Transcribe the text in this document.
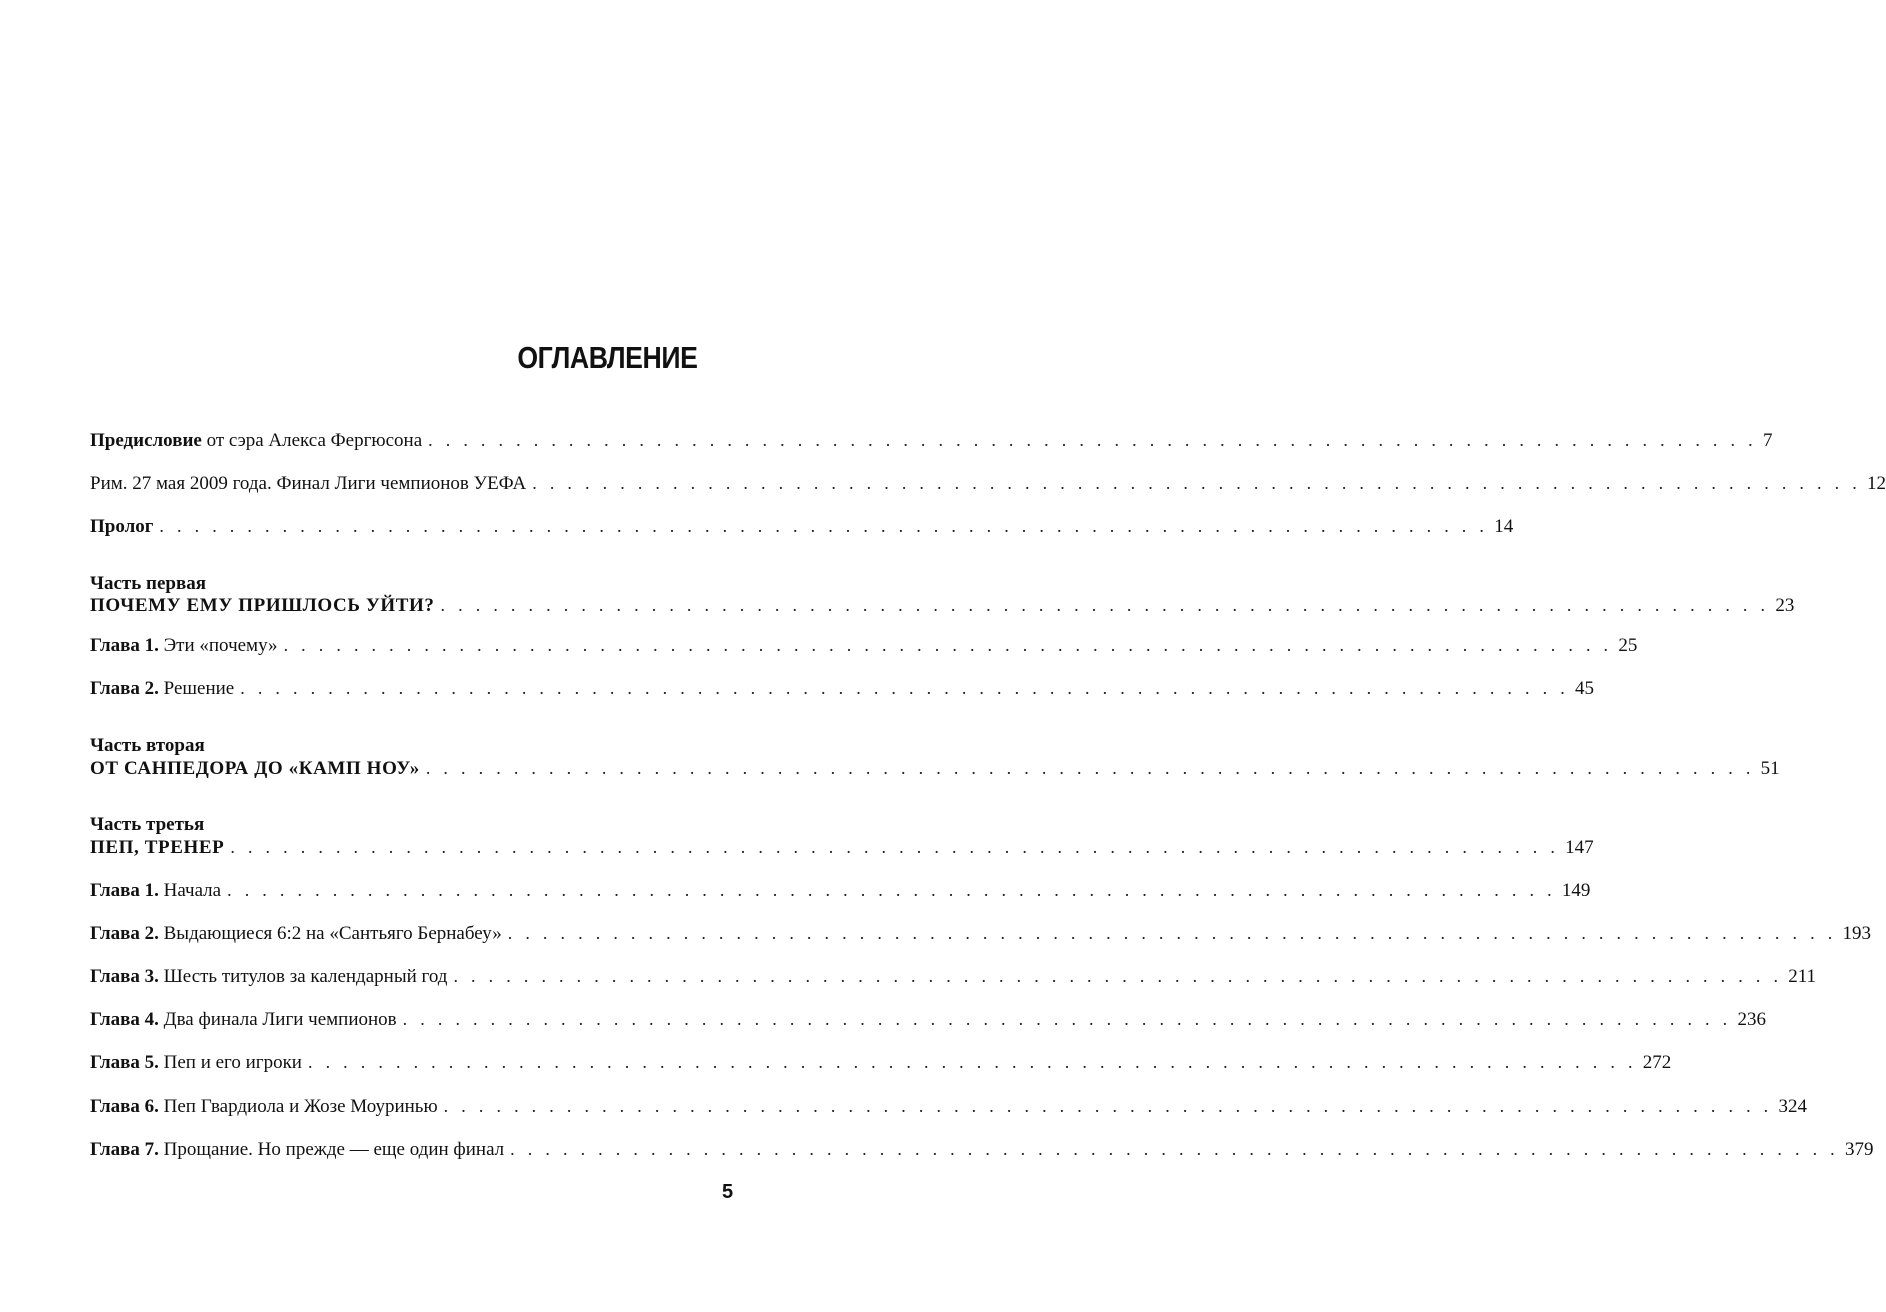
ОГЛАВЛЕНИЕ
Предисловие от сэра Алекса Фергюсона . . . . . . . . . . . . . . . . . . . . . . . . . . . . . . . . . . . . . . . . . . . . . . . . . . . . . . . . . . . . . . . . . . . . . . . . . . . . 7
Рим. 27 мая 2009 года. Финал Лиги чемпионов УЕФА . . . . . . . . . . . . . . . . . . . . . . . . . . . . . . . . . . . . . . . . . . . . . . . . . . . . . . . . . . . . . . . . . . . . . . . . . . . . 12
Пролог . . . . . . . . . . . . . . . . . . . . . . . . . . . . . . . . . . . . . . . . . . . . . . . . . . . . . . . . . . . . . . . . . . . . . . . . . . . . 14
Часть первая
ПОЧЕМУ ЕМУ ПРИШЛОСЬ УЙТИ? . . . . . . . . . . . . . . . . . . . . . . . . . . . . . . . . . . . . . . . . . . . . . . . . . . . . . . . . . . . . . . . . . . . . . . . . . . . . 23
Глава 1. Эти «почему» . . . . . . . . . . . . . . . . . . . . . . . . . . . . . . . . . . . . . . . . . . . . . . . . . . . . . . . . . . . . . . . . . . . . . . . . . . . . 25
Глава 2. Решение . . . . . . . . . . . . . . . . . . . . . . . . . . . . . . . . . . . . . . . . . . . . . . . . . . . . . . . . . . . . . . . . . . . . . . . . . . . . 45
Часть вторая
ОТ САНПЕДОРА ДО «КАМП НОУ» . . . . . . . . . . . . . . . . . . . . . . . . . . . . . . . . . . . . . . . . . . . . . . . . . . . . . . . . . . . . . . . . . . . . . . . . . . . . 51
Часть третья
ПЕП, ТРЕНЕР . . . . . . . . . . . . . . . . . . . . . . . . . . . . . . . . . . . . . . . . . . . . . . . . . . . . . . . . . . . . . . . . . . . . . . . . . . . . 147
Глава 1. Начала . . . . . . . . . . . . . . . . . . . . . . . . . . . . . . . . . . . . . . . . . . . . . . . . . . . . . . . . . . . . . . . . . . . . . . . . . . . . 149
Глава 2. Выдающиеся 6:2 на «Сантьяго Бернабеу» . . . . . . . . . . . . . . . . . . . . . . . . . . . . . . . . . . . . . . . . . . . . . . . . . . . . . . . . . . . . . . . . . . . . . . . . . . . . 193
Глава 3. Шесть титулов за календарный год . . . . . . . . . . . . . . . . . . . . . . . . . . . . . . . . . . . . . . . . . . . . . . . . . . . . . . . . . . . . . . . . . . . . . . . . . . . . 211
Глава 4. Два финала Лиги чемпионов . . . . . . . . . . . . . . . . . . . . . . . . . . . . . . . . . . . . . . . . . . . . . . . . . . . . . . . . . . . . . . . . . . . . . . . . . . . . 236
Глава 5. Пеп и его игроки . . . . . . . . . . . . . . . . . . . . . . . . . . . . . . . . . . . . . . . . . . . . . . . . . . . . . . . . . . . . . . . . . . . . . . . . . . . . 272
Глава 6. Пеп Гвардиола и Жозе Моуринью . . . . . . . . . . . . . . . . . . . . . . . . . . . . . . . . . . . . . . . . . . . . . . . . . . . . . . . . . . . . . . . . . . . . . . . . . . . . 324
Глава 7. Прощание. Но прежде — еще один финал . . . . . . . . . . . . . . . . . . . . . . . . . . . . . . . . . . . . . . . . . . . . . . . . . . . . . . . . . . . . . . . . . . . . . . . . . . . . 379
5
